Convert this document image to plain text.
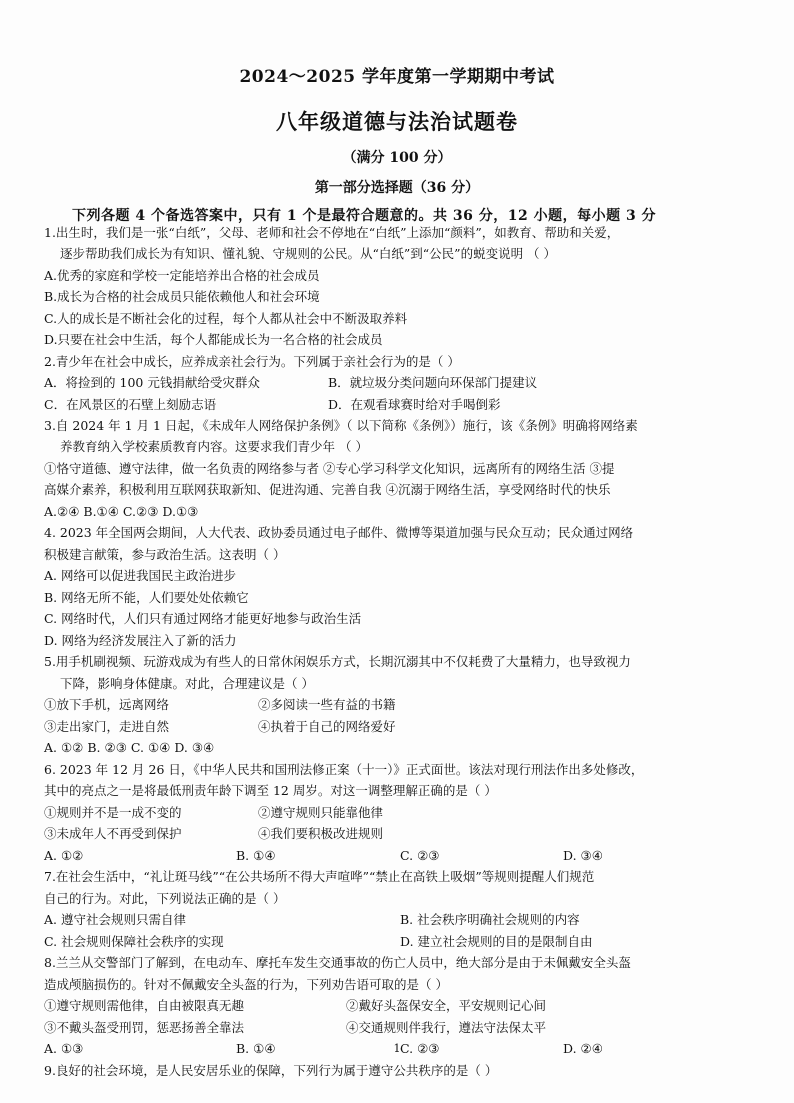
2024～2025 学年度第一学期期中考试
八年级道德与法治试题卷
（满分 100 分）
第一部分选择题（36 分）
下列各题 4 个备选答案中，只有 1 个是最符合题意的。共 36 分，12 小题，每小题 3 分
1.出生时，我们是一张“白纸”，父母、老师和社会不停地在“白纸”上添加“颜料”，如教育、帮助和关爱，
逐步帮助我们成长为有知识、懂礼貌、守规则的公民。从“白纸”到“公民”的蜕变说明 （ ）
A.优秀的家庭和学校一定能培养出合格的社会成员
B.成长为合格的社会成员只能依赖他人和社会环境
C.人的成长是不断社会化的过程，每个人都从社会中不断汲取养料
D.只要在社会中生活，每个人都能成长为一名合格的社会成员
2.青少年在社会中成长，应养成亲社会行为。下列属于亲社会行为的是（ ）
A．将捡到的 100 元钱捐献给受灾群众	B．就垃圾分类问题向环保部门提建议
C．在风景区的石壁上刻励志语	D．在观看球赛时给对手喝倒彩
3.自 2024 年 1 月 1 日起，《未成年人网络保护条例》（ 以下简称《条例》）施行，该《条例》明确将网络素
养教育纳入学校素质教育内容。这要求我们青少年 （ ）
①恪守道德、遵守法律，做一名负责的网络参与者 ②专心学习科学文化知识，远离所有的网络生活 ③提
高媒介素养，积极利用互联网获取新知、促进沟通、完善自我 ④沉溺于网络生活，享受网络时代的快乐
A.②④ B.①④ C.②③ D.①③
4. 2023 年全国两会期间，人大代表、政协委员通过电子邮件、微博等渠道加强与民众互动；民众通过网络
积极建言献策，参与政治生活。这表明（ ）
A. 网络可以促进我国民主政治进步
B. 网络无所不能，人们要处处依赖它
C. 网络时代，人们只有通过网络才能更好地参与政治生活
D. 网络为经济发展注入了新的活力
5.用手机刷视频、玩游戏成为有些人的日常休闲娱乐方式，长期沉溺其中不仅耗费了大量精力，也导致视力
下降，影响身体健康。对此，合理建议是（ ）
①放下手机，远离网络	②多阅读一些有益的书籍
③走出家门，走进自然	④执着于自己的网络爱好
A. ①② B. ②③ C. ①④ D. ③④
6. 2023 年 12 月 26 日，《中华人民共和国刑法修正案（十一）》正式面世。该法对现行刑法作出多处修改，
其中的亮点之一是将最低刑责年龄下调至 12 周岁。对这一调整理解正确的是（ ）
①规则并不是一成不变的	②遵守规则只能靠他律
③未成年人不再受到保护	④我们要积极改进规则
A. ①②	B. ①④	C. ②③	D. ③④
7.在社会生活中，“礼让斑马线”“在公共场所不得大声喧哗”“禁止在高铁上吸烟”等规则提醒人们规范
自己的行为。对此，下列说法正确的是（ ）
A. 遵守社会规则只需自律	B. 社会秩序明确社会规则的内容
C. 社会规则保障社会秩序的实现	D. 建立社会规则的目的是限制自由
8.兰兰从交警部门了解到，在电动车、摩托车发生交通事故的伤亡人员中，绝大部分是由于未佩戴安全头盔
造成颅脑损伤的。针对不佩戴安全头盔的行为，下列劝告语可取的是（ ）
①遵守规则需他律，自由被限真无趣	②戴好头盔保安全，平安规则记心间
③不戴头盔受刑罚，惩恶扬善全靠法	④交通规则伴我行，遵法守法保太平
A. ①③	B. ①④	C. ②③	D. ②④
9.良好的社会环境，是人民安居乐业的保障，下列行为属于遵守公共秩序的是（ ）
1
